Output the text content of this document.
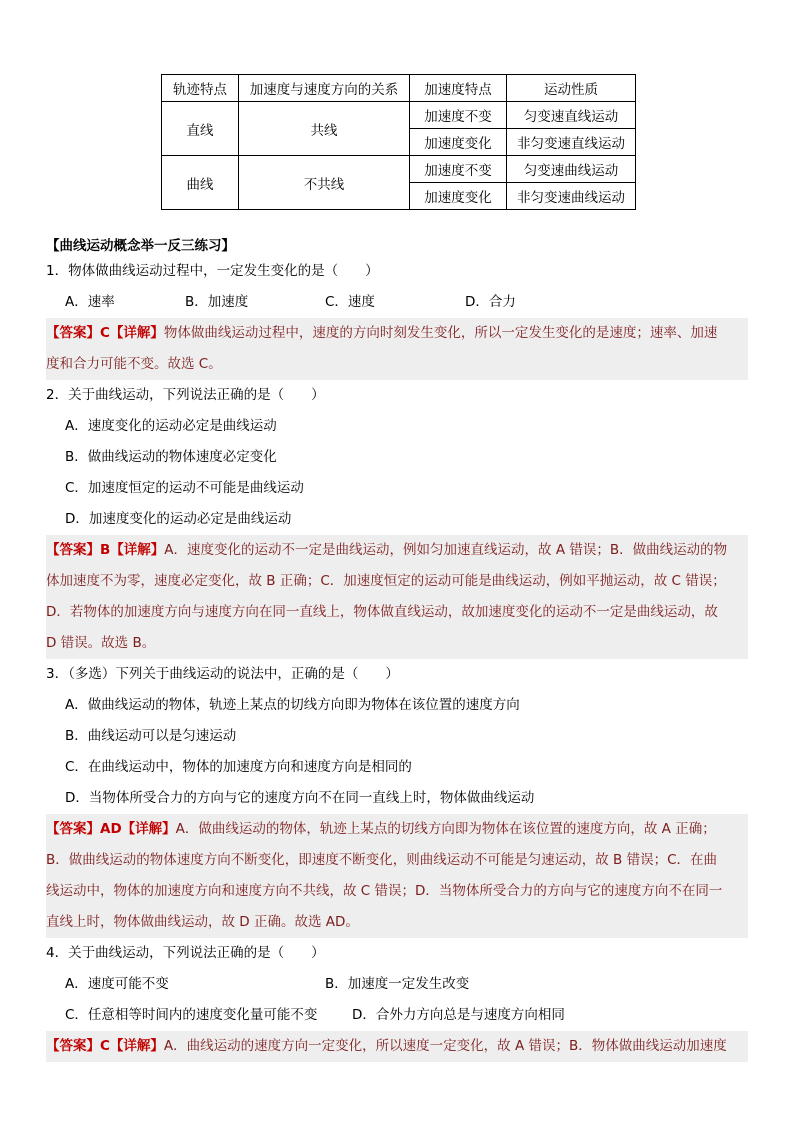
轨迹特点	加速度与速度方向的关系	加速度特点	运动性质
直线	共线	加速度不变	匀变速直线运动
		加速度变化	非匀变速直线运动
曲线	不共线	加速度不变	匀变速曲线运动
		加速度变化	非匀变速曲线运动
【曲线运动概念举一反三练习】

1．物体做曲线运动过程中，一定发生变化的是（　　）

A．速率	B．加速度	C．速度	D．合力
【答案】C【详解】物体做曲线运动过程中，速度的方向时刻发生变化，所以一定发生变化的是速度；速率、加速
度和合力可能不变。故选 C。

2．关于曲线运动，下列说法正确的是（　　）

A．速度变化的运动必定是曲线运动

B．做曲线运动的物体速度必定变化

C．加速度恒定的运动不可能是曲线运动

D．加速度变化的运动必定是曲线运动

【答案】B【详解】A．速度变化的运动不一定是曲线运动，例如匀加速直线运动，故 A 错误；B．做曲线运动的物
体加速度不为零，速度必定变化，故 B 正确；C．加速度恒定的运动可能是曲线运动，例如平抛运动，故 C 错误；
D．若物体的加速度方向与速度方向在同一直线上，物体做直线运动，故加速度变化的运动不一定是曲线运动，故
D 错误。故选 B。

3．（多选）下列关于曲线运动的说法中，正确的是（　　）

A．做曲线运动的物体，轨迹上某点的切线方向即为物体在该位置的速度方向

B．曲线运动可以是匀速运动

C．在曲线运动中，物体的加速度方向和速度方向是相同的

D．当物体所受合力的方向与它的速度方向不在同一直线上时，物体做曲线运动

【答案】AD【详解】A．做曲线运动的物体，轨迹上某点的切线方向即为物体在该位置的速度方向，故 A 正确；
B．做曲线运动的物体速度方向不断变化，即速度不断变化，则曲线运动不可能是匀速运动，故 B 错误；C．在曲
线运动中，物体的加速度方向和速度方向不共线，故 C 错误；D．当物体所受合力的方向与它的速度方向不在同一
直线上时，物体做曲线运动，故 D 正确。故选 AD。

4．关于曲线运动，下列说法正确的是（　　）

A．速度可能不变	B．加速度一定发生改变
C．任意相等时间内的速度变化量可能不变	D．合外力方向总是与速度方向相同
【答案】C【详解】A．曲线运动的速度方向一定变化，所以速度一定变化，故 A 错误；B．物体做曲线运动加速度
